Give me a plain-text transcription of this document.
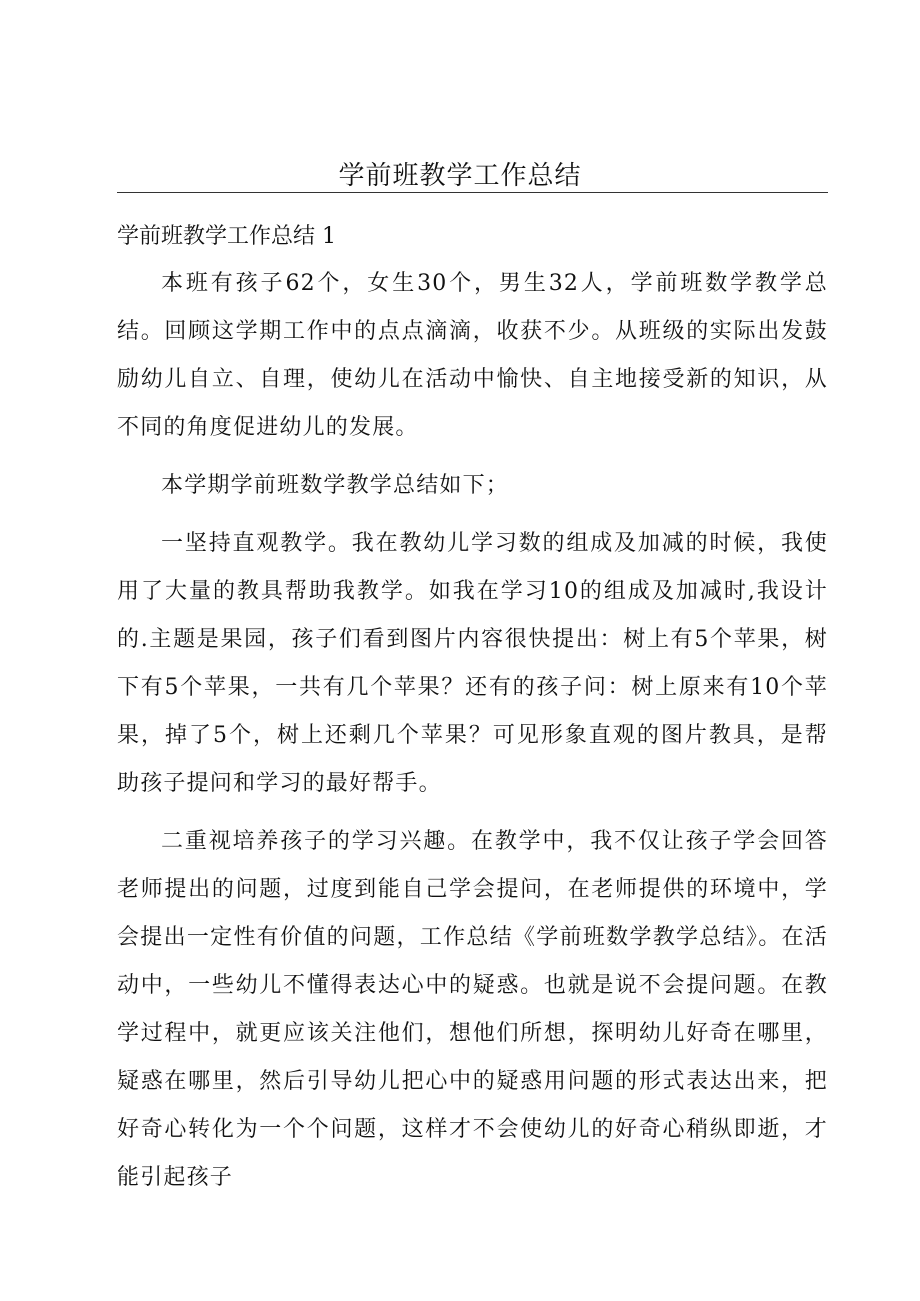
学前班教学工作总结
学前班教学工作总结 1

本班有孩子62个，女生30个，男生32人，学前班数学教学总结。回顾这学期工作中的点点滴滴，收获不少。从班级的实际出发鼓励幼儿自立、自理，使幼儿在活动中愉快、自主地接受新的知识，从不同的角度促进幼儿的发展。

本学期学前班数学教学总结如下；

一坚持直观教学。我在教幼儿学习数的组成及加减的时候，我使用了大量的教具帮助我教学。如我在学习10的组成及加减时,我设计的.主题是果园，孩子们看到图片内容很快提出：树上有5个苹果，树下有5个苹果，一共有几个苹果？还有的孩子问：树上原来有10个苹果，掉了5个，树上还剩几个苹果？可见形象直观的图片教具，是帮助孩子提问和学习的最好帮手。

二重视培养孩子的学习兴趣。在教学中，我不仅让孩子学会回答老师提出的问题，过度到能自己学会提问，在老师提供的环境中，学会提出一定性有价值的问题，工作总结《学前班数学教学总结》。在活动中，一些幼儿不懂得表达心中的疑惑。也就是说不会提问题。在教学过程中，就更应该关注他们，想他们所想，探明幼儿好奇在哪里，疑惑在哪里，然后引导幼儿把心中的疑惑用问题的形式表达出来，把好奇心转化为一个个问题，这样才不会使幼儿的好奇心稍纵即逝，才能引起孩子
